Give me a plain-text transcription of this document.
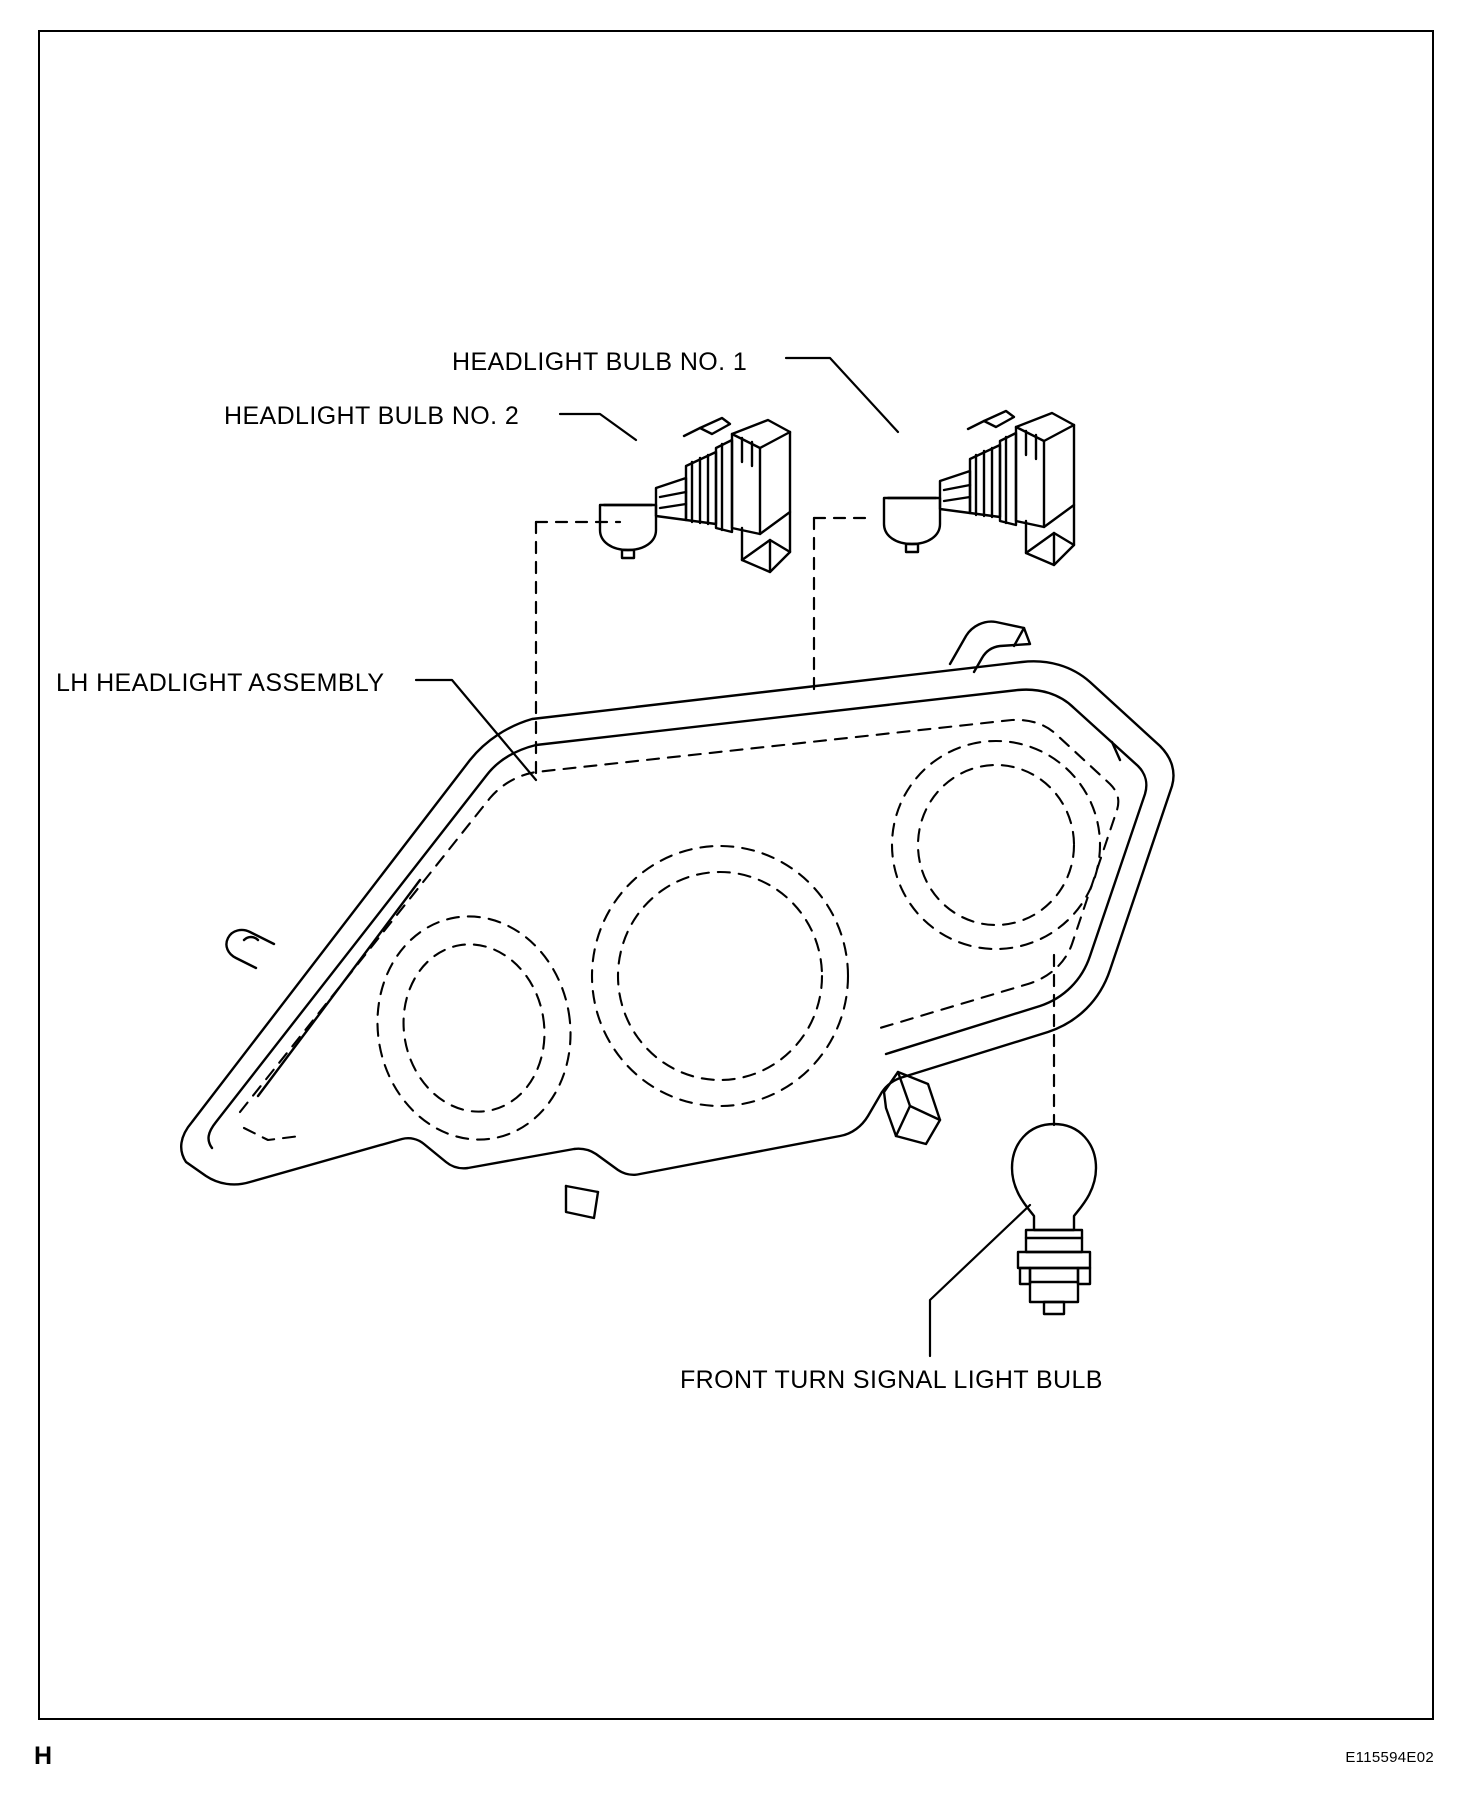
HEADLIGHT BULB NO. 1
HEADLIGHT BULB NO. 2
LH HEADLIGHT ASSEMBLY
FRONT TURN SIGNAL LIGHT BULB
H	E115594E02
